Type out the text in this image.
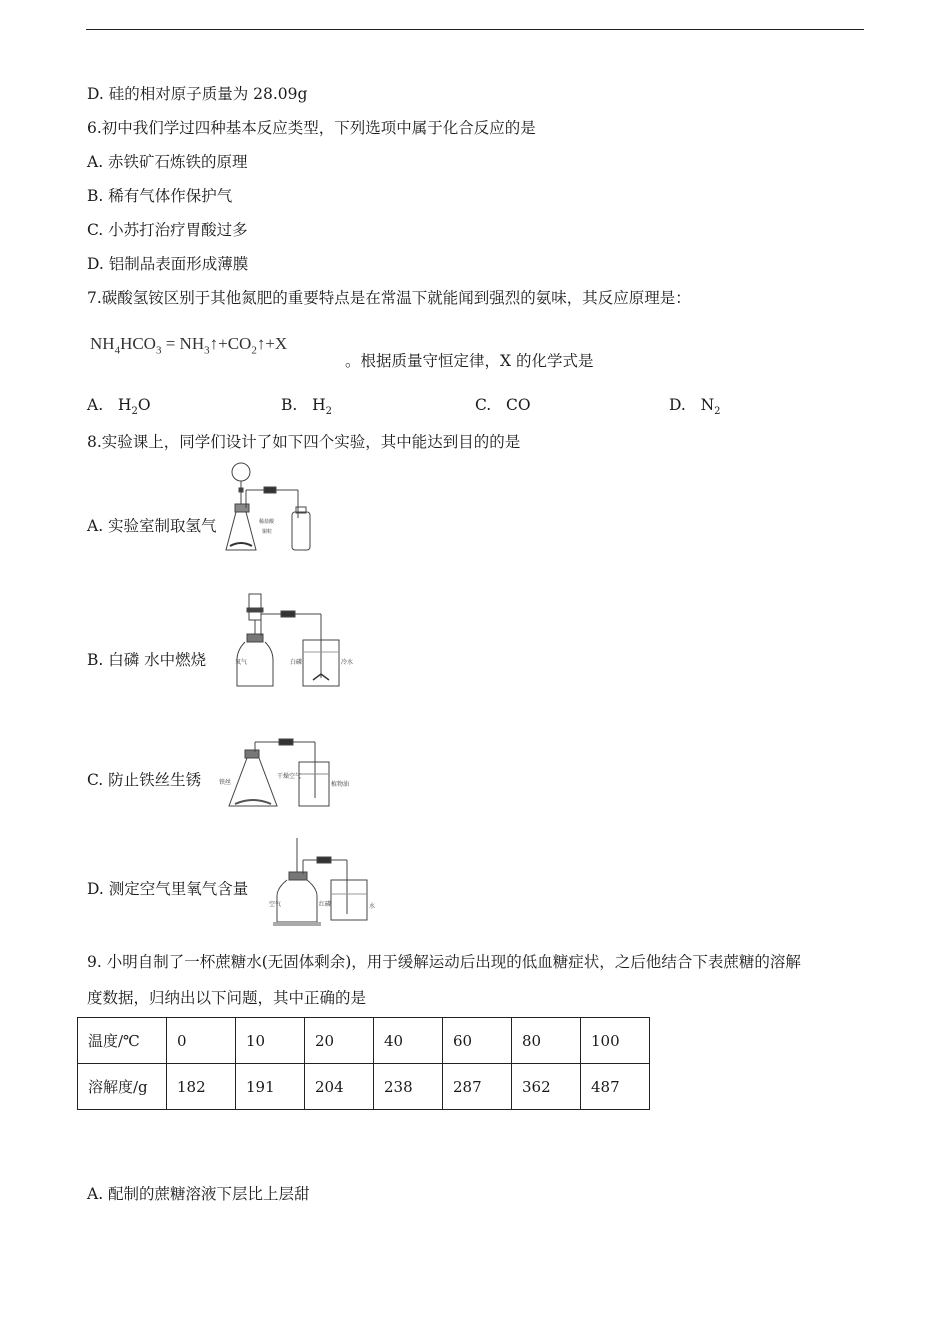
D. 硅的相对原子质量为 28.09g
6.初中我们学过四种基本反应类型，下列选项中属于化合反应的是
A. 赤铁矿石炼铁的原理
B. 稀有气体作保护气
C. 小苏打治疗胃酸过多
D. 铝制品表面形成薄膜
7.碳酸氢铵区别于其他氮肥的重要特点是在常温下就能闻到强烈的氨味，其反应原理是：
$NH_4HCO_3$ = $NH_3↑+CO_2↑+X$
。根据质量守恒定律，X 的化学式是
A. $H_2O$	B. $H_2$	C. CO	D. $N_2$
8.实验课上，同学们设计了如下四个实验，其中能达到目的的是
A. 实验室制取氢气	稀盐酸
铜粒
B. 白磷 水中燃烧	氧气	白磷	冷水
C. 防止铁丝生锈	铁丝
干燥空气
植物油
D. 测定空气里氧气含量
空气	红磷	水
9. 小明自制了一杯蔗糖水(无固体剩余)，用于缓解运动后出现的低血糖症状，之后他结合下表蔗糖的溶解
度数据，归纳出以下问题，其中正确的是
温度/℃	0	10	20	40	60	80	100
溶解度/g	182	191	204	238	287	362	487
A. 配制的蔗糖溶液下层比上层甜
